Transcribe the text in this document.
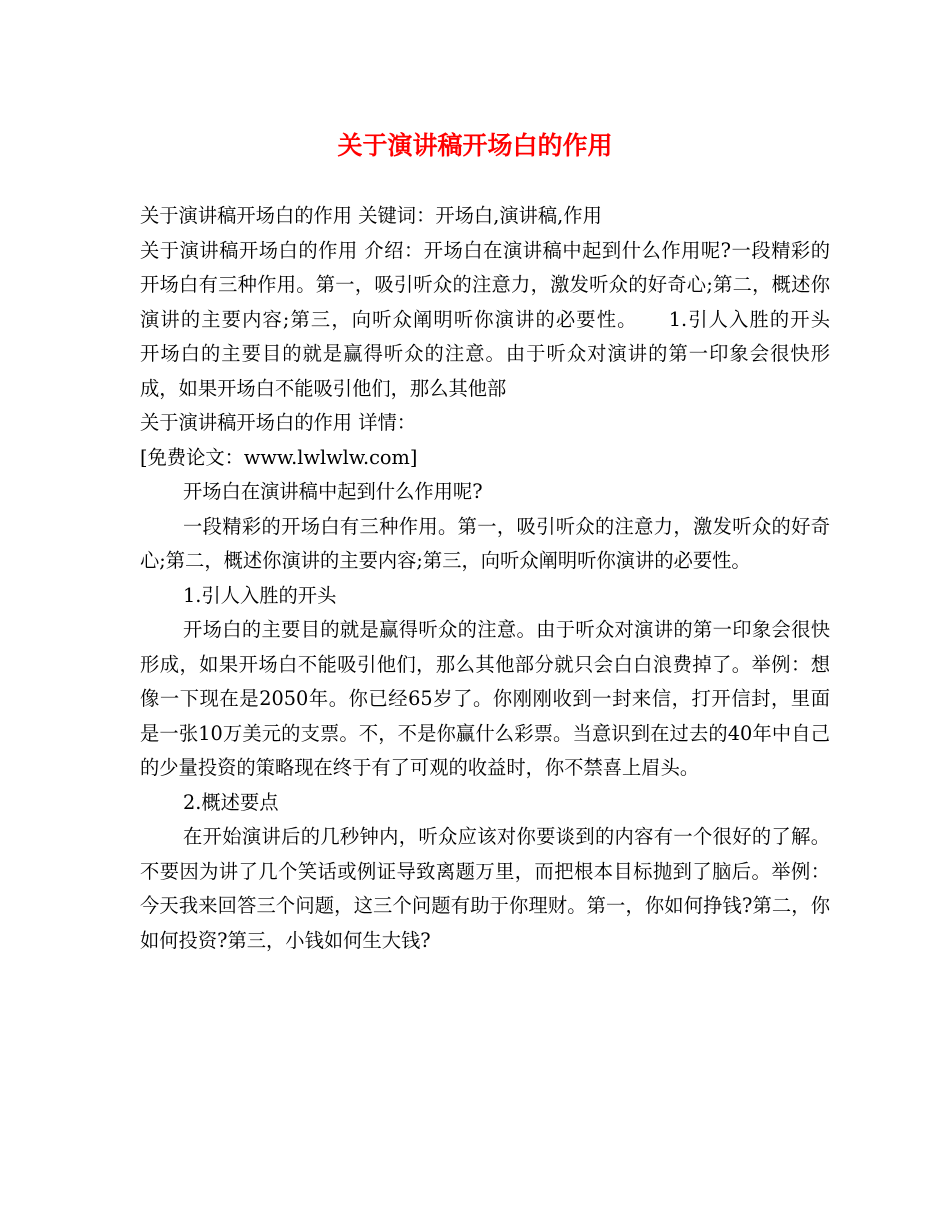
关于演讲稿开场白的作用

关于演讲稿开场白的作用 关键词：开场白,演讲稿,作用

关于演讲稿开场白的作用 介绍：开场白在演讲稿中起到什么作用呢?一段精彩的开场白有三种作用。第一，吸引听众的注意力，激发听众的好奇心;第二，概述你演讲的主要内容;第三，向听众阐明听你演讲的必要性。　　1.引人入胜的开头　　开场白的主要目的就是赢得听众的注意。由于听众对演讲的第一印象会很快形成，如果开场白不能吸引他们，那么其他部

关于演讲稿开场白的作用 详情：

[免费论文：www.lwlwlw.com]

开场白在演讲稿中起到什么作用呢?

一段精彩的开场白有三种作用。第一，吸引听众的注意力，激发听众的好奇心;第二，概述你演讲的主要内容;第三，向听众阐明听你演讲的必要性。

1.引人入胜的开头

开场白的主要目的就是赢得听众的注意。由于听众对演讲的第一印象会很快形成，如果开场白不能吸引他们，那么其他部分就只会白白浪费掉了。举例：想像一下现在是2050年。你已经65岁了。你刚刚收到一封来信，打开信封，里面是一张10万美元的支票。不，不是你赢什么彩票。当意识到在过去的40年中自己的少量投资的策略现在终于有了可观的收益时，你不禁喜上眉头。

2.概述要点

在开始演讲后的几秒钟内，听众应该对你要谈到的内容有一个很好的了解。不要因为讲了几个笑话或例证导致离题万里，而把根本目标抛到了脑后。举例：今天我来回答三个问题，这三个问题有助于你理财。第一，你如何挣钱?第二，你如何投资?第三，小钱如何生大钱?
